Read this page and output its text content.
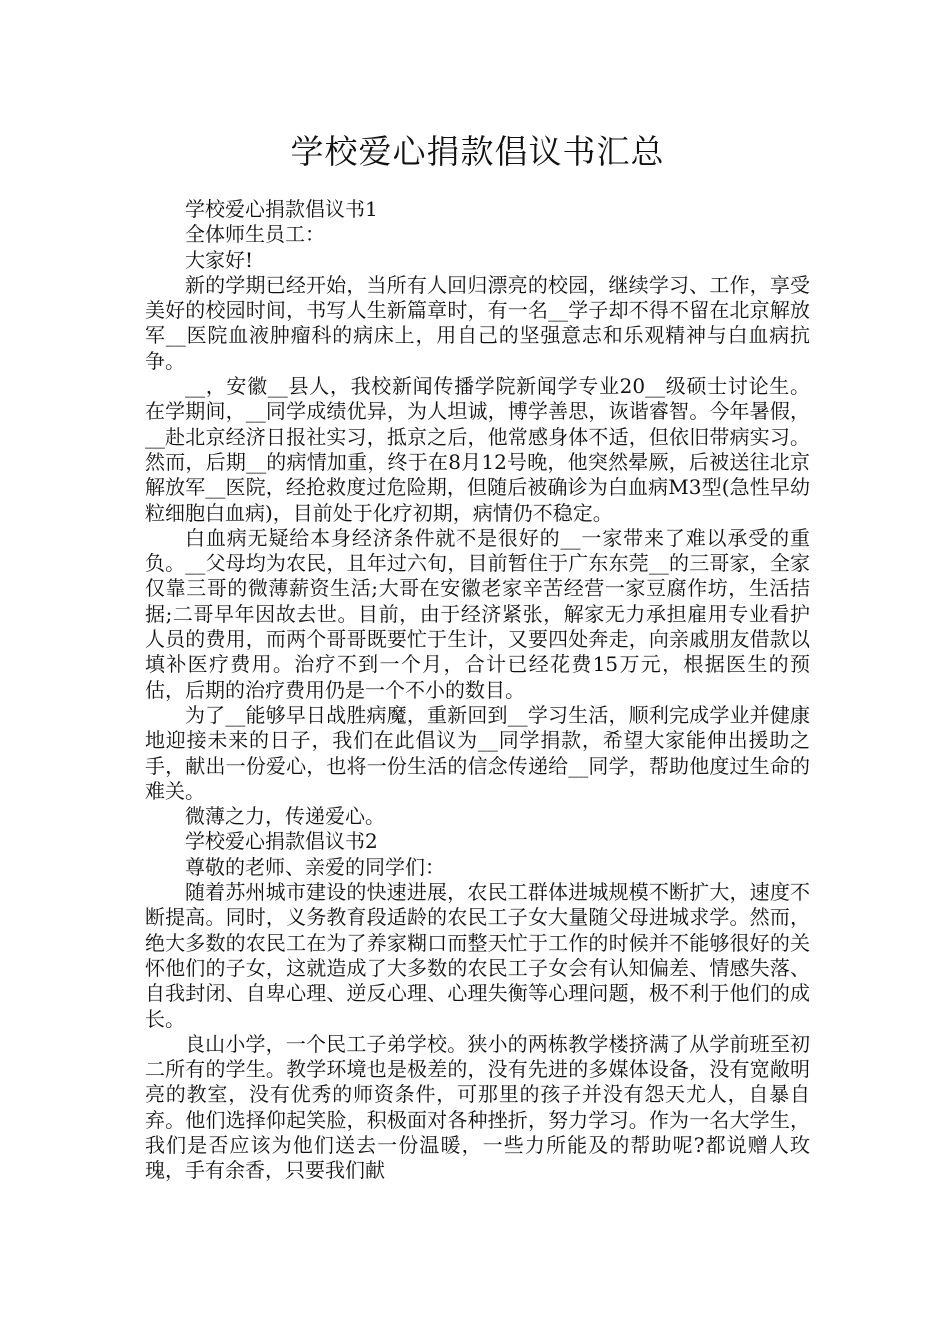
学校爱心捐款倡议书汇总

学校爱心捐款倡议书1

全体师生员工：

大家好!

新的学期已经开始，当所有人回归漂亮的校园，继续学习、工作，享受美好的校园时间，书写人生新篇章时，有一名__学子却不得不留在北京解放军__医院血液肿瘤科的病床上，用自己的坚强意志和乐观精神与白血病抗争。

__，安徽__县人，我校新闻传播学院新闻学专业20__级硕士讨论生。在学期间，__同学成绩优异，为人坦诚，博学善思，诙谐睿智。今年暑假，__赴北京经济日报社实习，抵京之后，他常感身体不适，但依旧带病实习。然而，后期__的病情加重，终于在8月12号晚，他突然晕厥，后被送往北京解放军__医院，经抢救度过危险期，但随后被确诊为白血病M3型(急性早幼粒细胞白血病)，目前处于化疗初期，病情仍不稳定。

白血病无疑给本身经济条件就不是很好的__一家带来了难以承受的重负。__父母均为农民，且年过六旬，目前暂住于广东东莞__的三哥家，全家仅靠三哥的微薄薪资生活;大哥在安徽老家辛苦经营一家豆腐作坊，生活拮据;二哥早年因故去世。目前，由于经济紧张，解家无力承担雇用专业看护人员的费用，而两个哥哥既要忙于生计，又要四处奔走，向亲戚朋友借款以填补医疗费用。治疗不到一个月，合计已经花费15万元，根据医生的预估，后期的治疗费用仍是一个不小的数目。

为了__能够早日战胜病魔，重新回到__学习生活，顺利完成学业并健康地迎接未来的日子，我们在此倡议为__同学捐款，希望大家能伸出援助之手，献出一份爱心，也将一份生活的信念传递给__同学，帮助他度过生命的难关。

微薄之力，传递爱心。

学校爱心捐款倡议书2

尊敬的老师、亲爱的同学们：

随着苏州城市建设的快速进展，农民工群体进城规模不断扩大，速度不断提高。同时，义务教育段适龄的农民工子女大量随父母进城求学。然而，绝大多数的农民工在为了养家糊口而整天忙于工作的时候并不能够很好的关怀他们的子女，这就造成了大多数的农民工子女会有认知偏差、情感失落、自我封闭、自卑心理、逆反心理、心理失衡等心理问题，极不利于他们的成长。

良山小学，一个民工子弟学校。狭小的两栋教学楼挤满了从学前班至初二所有的学生。教学环境也是极差的，没有先进的多媒体设备，没有宽敞明亮的教室，没有优秀的师资条件，可那里的孩子并没有怨天尤人，自暴自弃。他们选择仰起笑脸，积极面对各种挫折，努力学习。作为一名大学生，我们是否应该为他们送去一份温暖，一些力所能及的帮助呢?都说赠人玫瑰，手有余香，只要我们献
